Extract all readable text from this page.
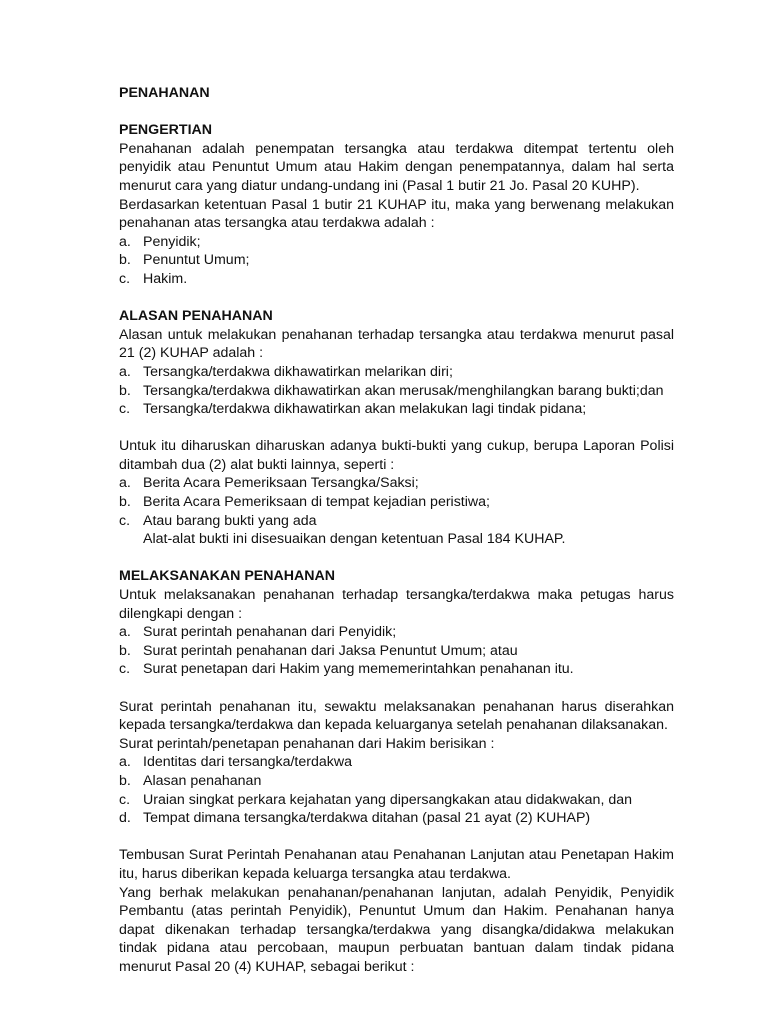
PENAHANAN
PENGERTIAN

Penahanan adalah penempatan tersangka atau terdakwa ditempat tertentu oleh penyidik atau Penuntut Umum atau Hakim dengan penempatannya, dalam hal serta menurut cara yang diatur undang-undang ini (Pasal 1 butir 21 Jo. Pasal 20 KUHP).

Berdasarkan ketentuan Pasal 1 butir 21 KUHAP itu, maka yang berwenang melakukan penahanan atas tersangka atau terdakwa adalah :

a. Penyidik;
b. Penuntut Umum;
c. Hakim.
ALASAN PENAHANAN

Alasan untuk melakukan penahanan terhadap tersangka atau terdakwa menurut pasal 21 (2) KUHAP adalah :

a. Tersangka/terdakwa dikhawatirkan melarikan diri;
b. Tersangka/terdakwa dikhawatirkan akan merusak/menghilangkan barang bukti;dan
c. Tersangka/terdakwa dikhawatirkan akan melakukan lagi tindak pidana;

Untuk itu diharuskan diharuskan adanya bukti-bukti yang cukup, berupa Laporan Polisi ditambah dua (2) alat bukti lainnya, seperti :

a. Berita Acara Pemeriksaan Tersangka/Saksi;
b. Berita Acara Pemeriksaan di tempat kejadian peristiwa;
c. Atau barang bukti yang ada

Alat-alat bukti ini disesuaikan dengan ketentuan Pasal 184 KUHAP.

MELAKSANAKAN PENAHANAN

Untuk melaksanakan penahanan terhadap tersangka/terdakwa maka petugas harus dilengkapi dengan :

a. Surat perintah penahanan dari Penyidik;
b. Surat perintah penahanan dari Jaksa Penuntut Umum; atau
c. Surat penetapan dari Hakim yang mememerintahkan penahanan itu.

Surat perintah penahanan itu, sewaktu melaksanakan penahanan harus diserahkan kepada tersangka/terdakwa dan kepada keluarganya setelah penahanan dilaksanakan.

Surat perintah/penetapan penahanan dari Hakim berisikan :

a. Identitas dari tersangka/terdakwa
b. Alasan penahanan
c. Uraian singkat perkara kejahatan yang dipersangkakan atau didakwakan, dan
d. Tempat dimana tersangka/terdakwa ditahan (pasal 21 ayat (2) KUHAP)

Tembusan Surat Perintah Penahanan atau Penahanan Lanjutan atau Penetapan Hakim itu, harus diberikan kepada keluarga tersangka atau terdakwa.

Yang berhak melakukan penahanan/penahanan lanjutan, adalah Penyidik, Penyidik Pembantu (atas perintah Penyidik), Penuntut Umum dan Hakim. Penahanan hanya dapat dikenakan terhadap tersangka/terdakwa yang disangka/didakwa melakukan tindak pidana atau percobaan, maupun perbuatan bantuan dalam tindak pidana menurut Pasal 20 (4) KUHAP, sebagai berikut :
